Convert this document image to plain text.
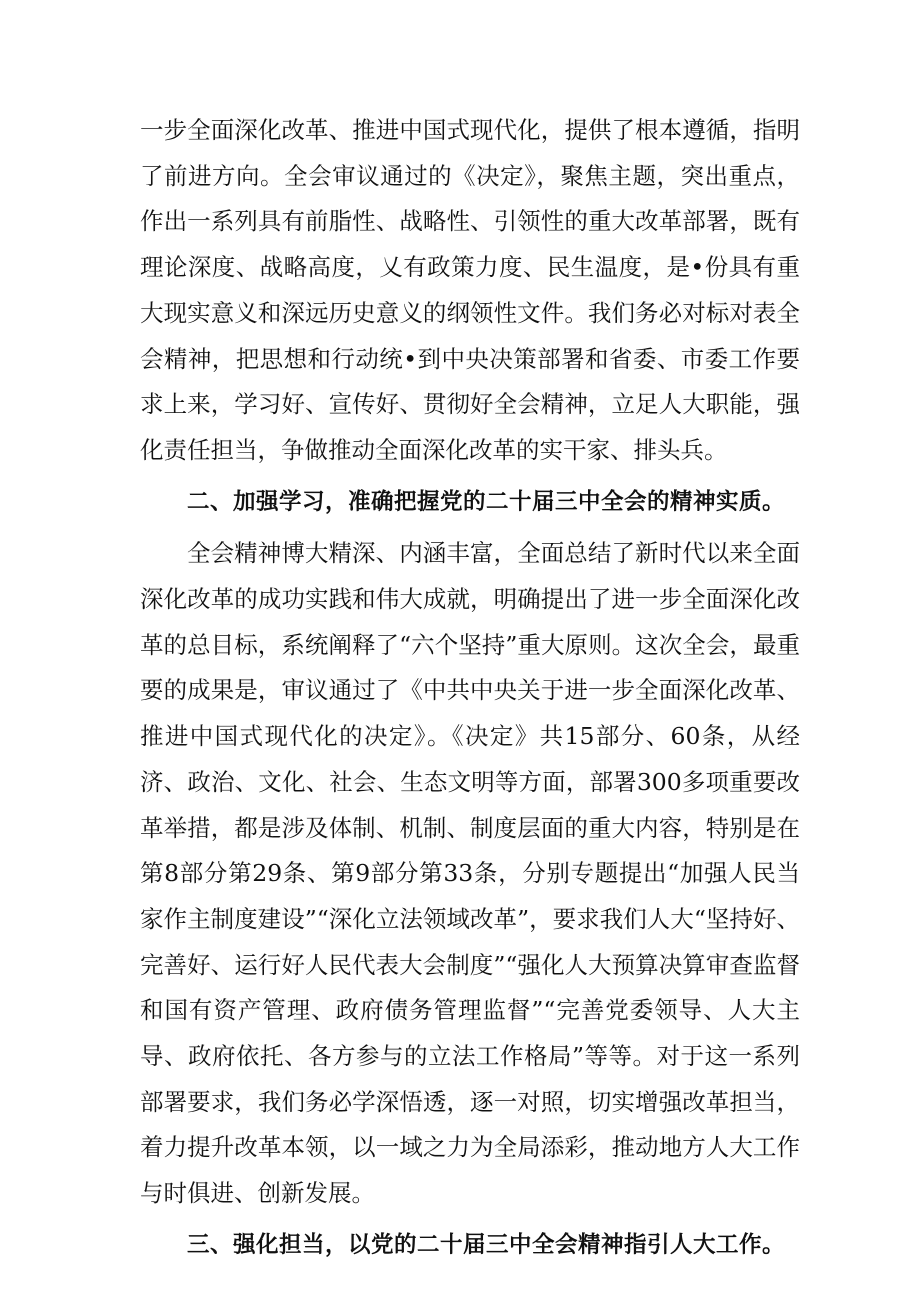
一步全面深化改革、推进中国式现代化，提供了根本遵循，指明了前进方向。全会审议通过的《决定》，聚焦主题，突出重点，作出一系列具有前脂性、战略性、引领性的重大改革部署，既有理论深度、战略高度，乂有政策力度、民生温度，是•份具有重大现实意义和深远历史意义的纲领性文件。我们务必对标对表全会精神，把思想和行动统•到中央决策部署和省委、市委工作要求上来，学习好、宣传好、贯彻好全会精神，立足人大职能，强化责任担当，争做推动全面深化改革的实干家、排头兵。

二、加强学习，准确把握党的二十届三中全会的精神实质。

全会精神博大精深、内涵丰富，全面总结了新时代以来全面深化改革的成功实践和伟大成就，明确提出了进一步全面深化改革的总目标，系统阐释了“六个坚持”重大原则。这次全会，最重要的成果是，审议通过了《中共中央关于进一步全面深化改革、推进中国式现代化的决定》。《决定》共15部分、60条，从经济、政治、文化、社会、生态文明等方面，部署300多项重要改革举措，都是涉及体制、机制、制度层面的重大内容，特别是在第8部分第29条、第9部分第33条，分别专题提出“加强人民当家作主制度建设”“深化立法领域改革”，要求我们人大“坚持好、完善好、运行好人民代表大会制度”“强化人大预算决算审查监督和国有资产管理、政府债务管理监督”“完善党委领导、人大主导、政府依托、各方参与的立法工作格局”等等。对于这一系列部署要求，我们务必学深悟透，逐一对照，切实增强改革担当，着力提升改革本领，以一域之力为全局添彩，推动地方人大工作与时俱进、创新发展。

三、强化担当，以党的二十届三中全会精神指引人大工作。
